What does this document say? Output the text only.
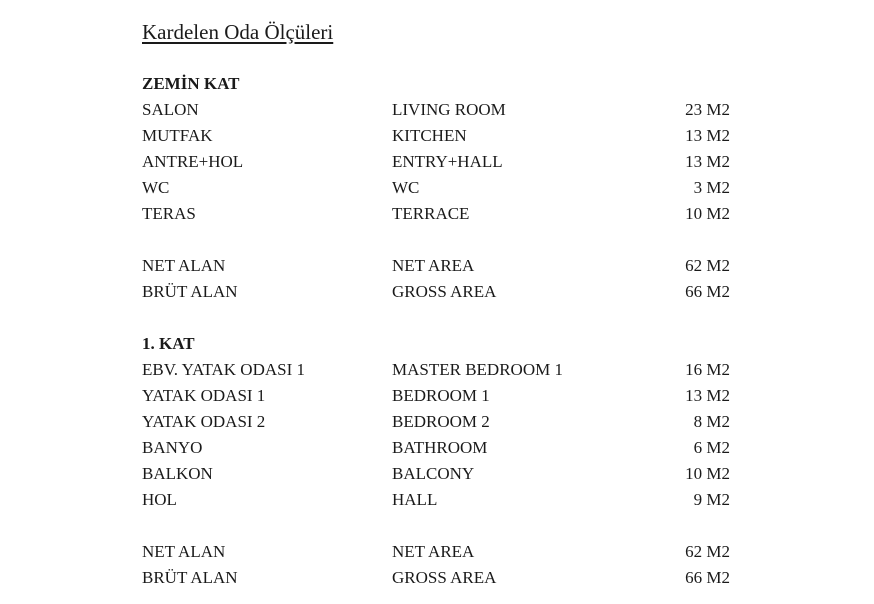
Kardelen Oda Ölçüleri
ZEMİN KAT
SALON	LIVING ROOM	23 M2
MUTFAK	KITCHEN	13 M2
ANTRE+HOL	ENTRY+HALL	13 M2
WC	WC	3 M2
TERAS	TERRACE	10 M2
NET ALAN	NET AREA	62 M2
BRÜT ALAN	GROSS AREA	66 M2
1. KAT
EBV. YATAK ODASI 1	MASTER BEDROOM 1	16 M2
YATAK ODASI 1	BEDROOM 1	13 M2
YATAK ODASI 2	BEDROOM 2	8 M2
BANYO	BATHROOM	6 M2
BALKON	BALCONY	10 M2
HOL	HALL	9 M2
NET ALAN	NET AREA	62 M2
BRÜT ALAN	GROSS AREA	66 M2
